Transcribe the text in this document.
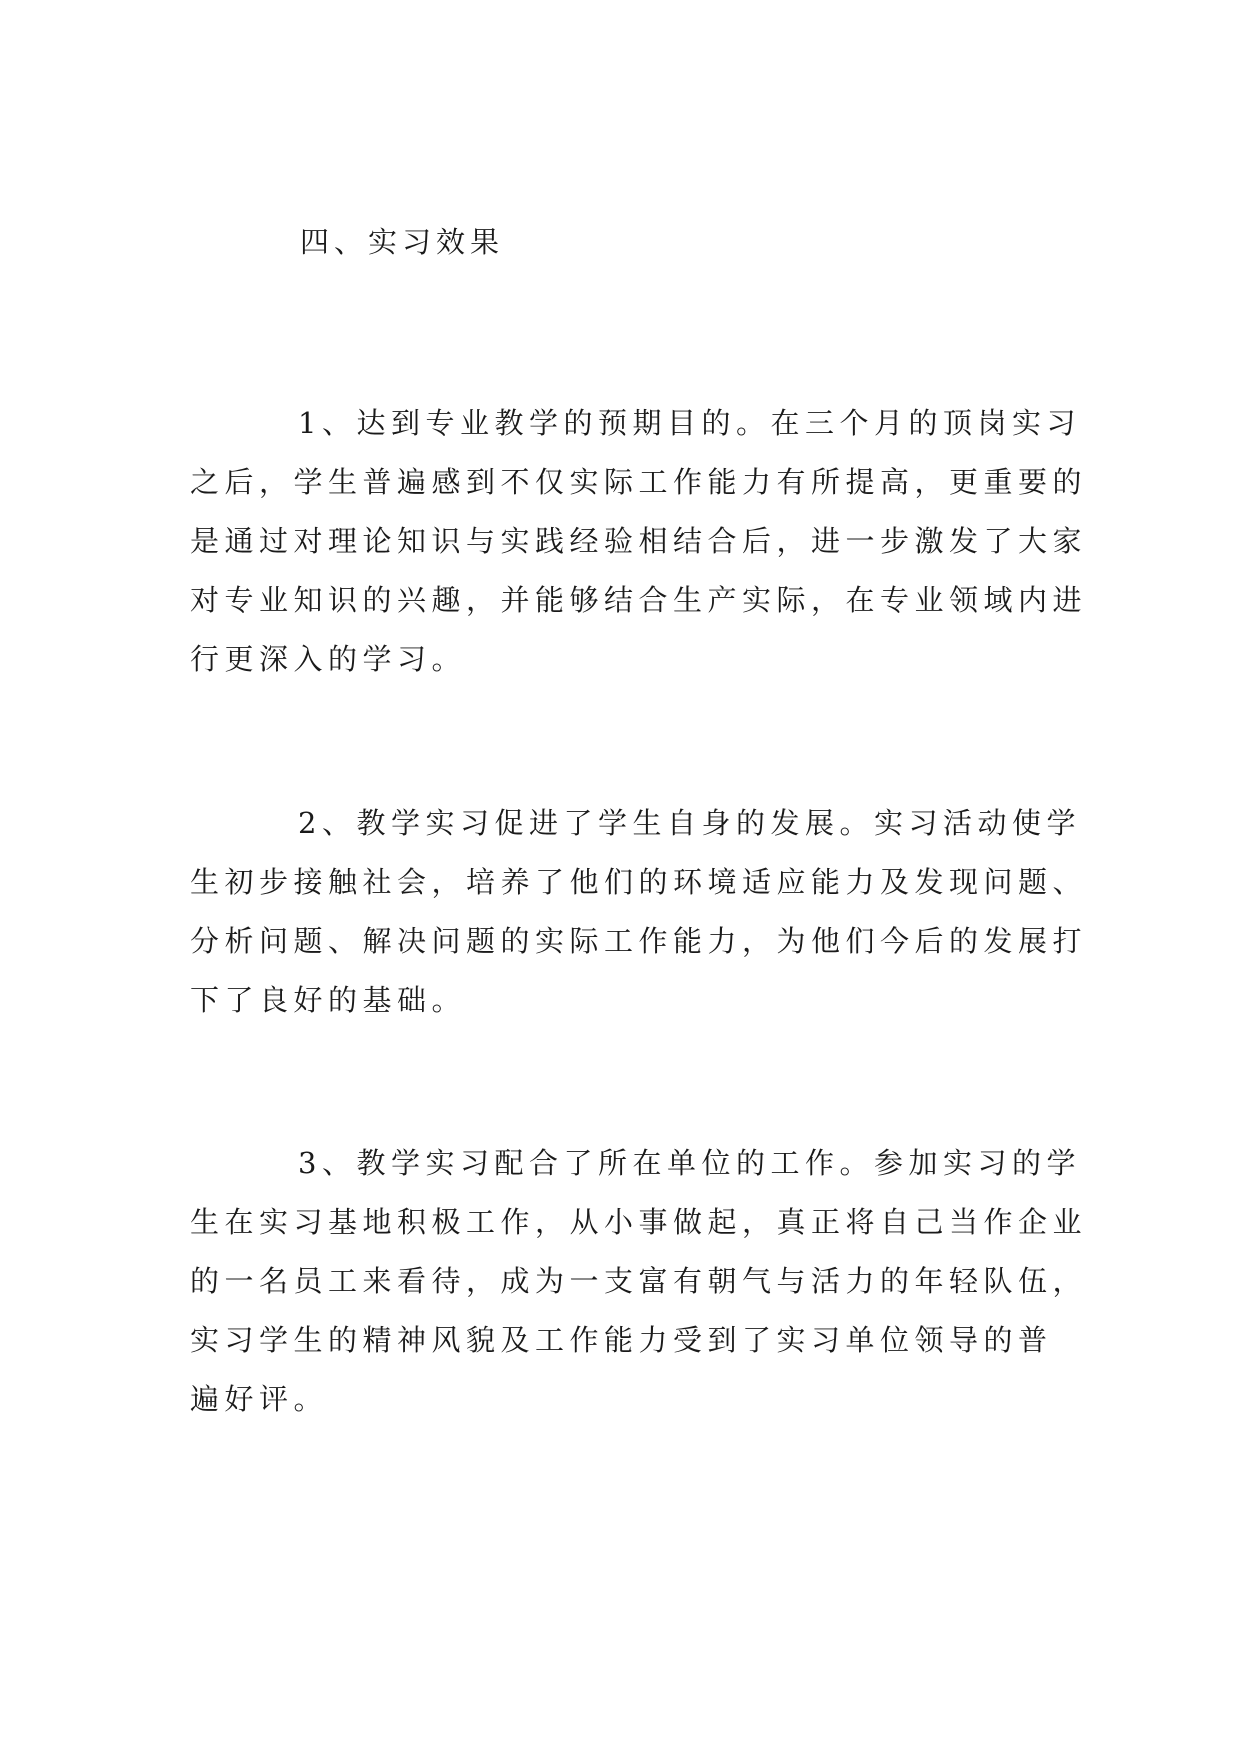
四、实习效果
1、达到专业教学的预期目的。在三个月的顶岗实习
之后，学生普遍感到不仅实际工作能力有所提高，更重要的
是通过对理论知识与实践经验相结合后，进一步激发了大家
对专业知识的兴趣，并能够结合生产实际，在专业领域内进
行更深入的学习。
2、教学实习促进了学生自身的发展。实习活动使学
生初步接触社会，培养了他们的环境适应能力及发现问题、
分析问题、解决问题的实际工作能力，为他们今后的发展打
下了良好的基础。
3、教学实习配合了所在单位的工作。参加实习的学
生在实习基地积极工作，从小事做起，真正将自己当作企业
的一名员工来看待，成为一支富有朝气与活力的年轻队伍，
实习学生的精神风貌及工作能力受到了实习单位领导的普
遍好评。
